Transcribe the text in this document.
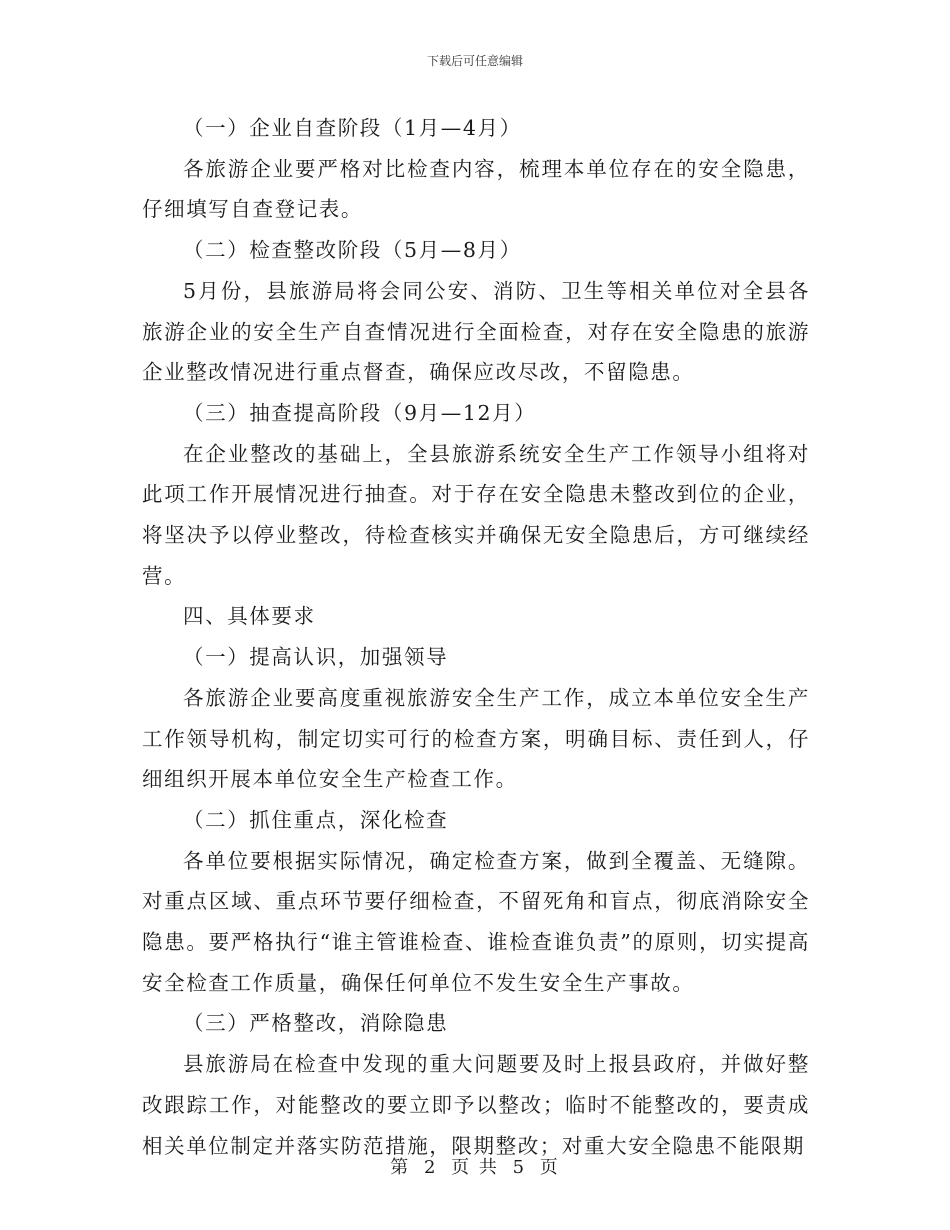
下载后可任意编辑

（一）企业自查阶段（1月—4月）

各旅游企业要严格对比检查内容，梳理本单位存在的安全隐患，仔细填写自查登记表。

（二）检查整改阶段（5月—8月）

5月份，县旅游局将会同公安、消防、卫生等相关单位对全县各旅游企业的安全生产自查情况进行全面检查，对存在安全隐患的旅游企业整改情况进行重点督查，确保应改尽改，不留隐患。

（三）抽查提高阶段（9月—12月）

在企业整改的基础上，全县旅游系统安全生产工作领导小组将对此项工作开展情况进行抽查。对于存在安全隐患未整改到位的企业，将坚决予以停业整改，待检查核实并确保无安全隐患后，方可继续经营。

四、具体要求

（一）提高认识，加强领导

各旅游企业要高度重视旅游安全生产工作，成立本单位安全生产工作领导机构，制定切实可行的检查方案，明确目标、责任到人，仔细组织开展本单位安全生产检查工作。

（二）抓住重点，深化检查

各单位要根据实际情况，确定检查方案，做到全覆盖、无缝隙。对重点区域、重点环节要仔细检查，不留死角和盲点，彻底消除安全隐患。要严格执行“谁主管谁检查、谁检查谁负责”的原则，切实提高安全检查工作质量，确保任何单位不发生安全生产事故。

（三）严格整改，消除隐患

县旅游局在检查中发现的重大问题要及时上报县政府，并做好整改跟踪工作，对能整改的要立即予以整改；临时不能整改的，要责成相关单位制定并落实防范措施，限期整改；对重大安全隐患不能限期

第 2 页 共 5 页
